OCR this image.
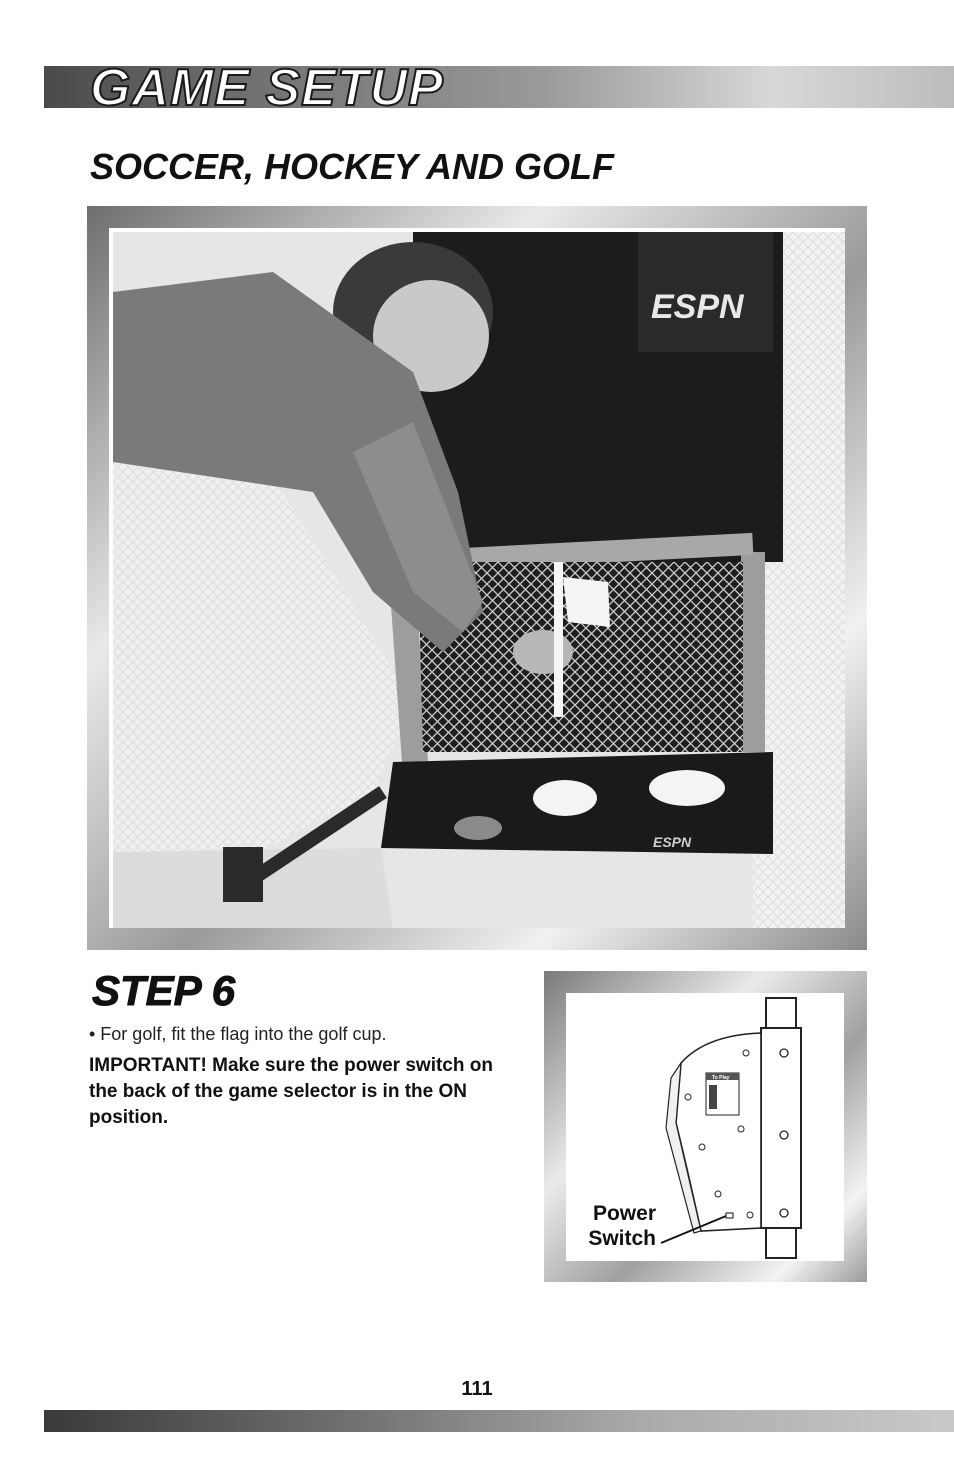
GAME SETUP
SOCCER, HOCKEY AND GOLF
ESPN
ESPN
STEP 6

• For golf, fit the flag into the golf cup.

IMPORTANT! Make sure the power switch on the back of the game selector is in the ON position.

To Play
Power
Switch
111
